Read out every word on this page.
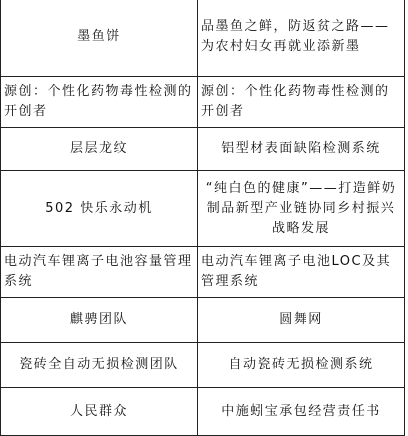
墨鱼饼	品墨鱼之鲜，防返贫之路——为农村妇女再就业添新墨
源创：个性化药物毒性检测的开创者	源创：个性化药物毒性检测的开创者
层层龙纹	铝型材表面缺陷检测系统
502 快乐永动机	“纯白色的健康”——打造鲜奶制品新型产业链协同乡村振兴战略发展
电动汽车锂离子电池容量管理系统	电动汽车锂离子电池LOC及其管理系统
麒骋团队	圆舞网
瓷砖全自动无损检测团队	自动瓷砖无损检测系统
人民群众	中施蚓宝承包经营责任书
